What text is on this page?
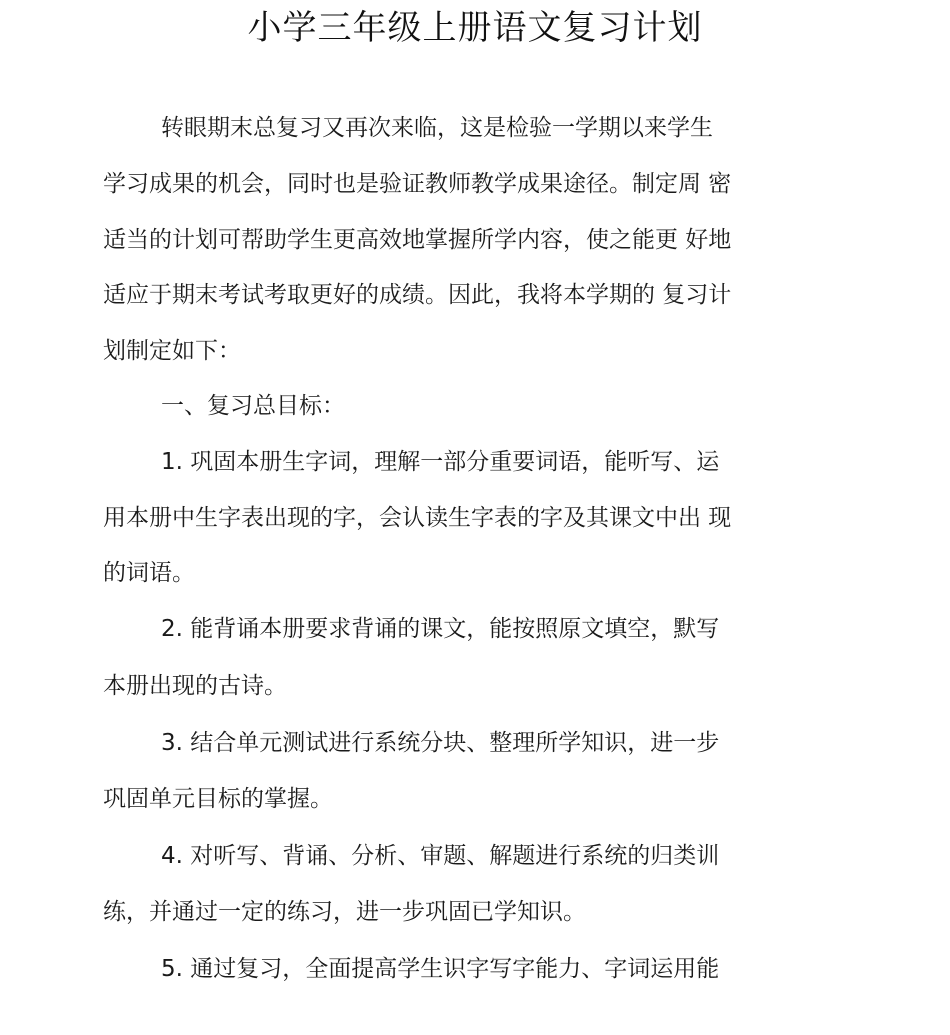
小学三年级上册语文复习计划
转眼期末总复习又再次来临，这是检验一学期以来学生
学习成果的机会，同时也是验证教师教学成果途径。制定周 密
适当的计划可帮助学生更高效地掌握所学内容，使之能更 好地
适应于期末考试考取更好的成绩。因此，我将本学期的 复习计
划制定如下：
一、复习总目标：
1. 巩固本册生字词，理解一部分重要词语，能听写、运
用本册中生字表出现的字，会认读生字表的字及其课文中出 现
的词语。
2. 能背诵本册要求背诵的课文，能按照原文填空，默写
本册出现的古诗。
3. 结合单元测试进行系统分块、整理所学知识，进一步
巩固单元目标的掌握。
4. 对听写、背诵、分析、审题、解题进行系统的归类训
练，并通过一定的练习，进一步巩固已学知识。
5. 通过复习，全面提高学生识字写字能力、字词运用能
